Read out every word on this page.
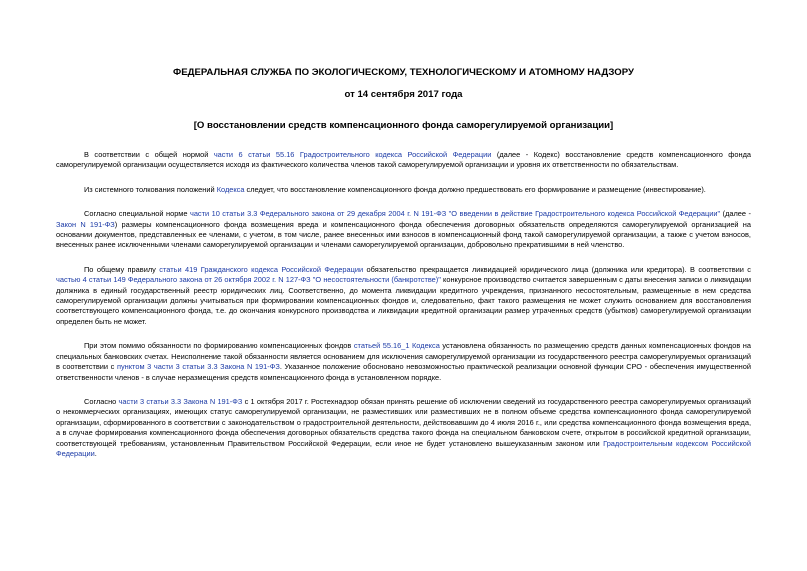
ФЕДЕРАЛЬНАЯ СЛУЖБА ПО ЭКОЛОГИЧЕСКОМУ, ТЕХНОЛОГИЧЕСКОМУ И АТОМНОМУ НАДЗОРУ

от 14 сентября 2017 года

[О восстановлении средств компенсационного фонда саморегулируемой организации]

В соответствии с общей нормой части 6 статьи 55.16 Градостроительного кодекса Российской Федерации (далее - Кодекс) восстановление средств компенсационного фонда саморегулируемой организации осуществляется исходя из фактического количества членов такой саморегулируемой организации и уровня их ответственности по обязательствам.

Из системного толкования положений Кодекса следует, что восстановление компенсационного фонда должно предшествовать его формирование и размещение (инвестирование).

Согласно специальной норме части 10 статьи 3.3 Федерального закона от 29 декабря 2004 г. N 191-ФЗ "О введении в действие Градостроительного кодекса Российской Федерации" (далее - Закон N 191-ФЗ) размеры компенсационного фонда возмещения вреда и компенсационного фонда обеспечения договорных обязательств определяются саморегулируемой организацией на основании документов, представленных ее членами, с учетом, в том числе, ранее внесенных ими взносов в компенсационный фонд такой саморегулируемой организации, а также с учетом взносов, внесенных ранее исключенными членами саморегулируемой организации и членами саморегулируемой организации, добровольно прекратившими в ней членство.

По общему правилу статьи 419 Гражданского кодекса Российской Федерации обязательство прекращается ликвидацией юридического лица (должника или кредитора). В соответствии с частью 4 статьи 149 Федерального закона от 26 октября 2002 г. N 127-ФЗ "О несостоятельности (банкротстве)" конкурсное производство считается завершенным с даты внесения записи о ликвидации должника в единый государственный реестр юридических лиц. Соответственно, до момента ликвидации кредитного учреждения, признанного несостоятельным, размещенные в нем средства саморегулируемой организации должны учитываться при формировании компенсационных фондов и, следовательно, факт такого размещения не может служить основанием для восстановления соответствующего компенсационного фонда, т.е. до окончания конкурсного производства и ликвидации кредитной организации размер утраченных средств (убытков) саморегулируемой организации определен быть не может.

При этом помимо обязанности по формированию компенсационных фондов статьей 55.16_1 Кодекса установлена обязанность по размещению средств данных компенсационных фондов на специальных банковских счетах. Неисполнение такой обязанности является основанием для исключения саморегулируемой организации из государственного реестра саморегулируемых организаций в соответствии с пунктом 3 части 3 статьи 3.3 Закона N 191-ФЗ. Указанное положение обосновано невозможностью практической реализации основной функции СРО - обеспечения имущественной ответственности членов - в случае неразмещения средств компенсационного фонда в установленном порядке.

Согласно части 3 статьи 3.3 Закона N 191-ФЗ с 1 октября 2017 г. Ростехнадзор обязан принять решение об исключении сведений из государственного реестра саморегулируемых организаций о некоммерческих организациях, имеющих статус саморегулируемой организации, не разместивших или разместивших не в полном объеме средства компенсационного фонда саморегулируемой организации, сформированного в соответствии с законодательством о градостроительной деятельности, действовавшим до 4 июля 2016 г., или средства компенсационного фонда возмещения вреда, а в случае формирования компенсационного фонда обеспечения договорных обязательств средства такого фонда на специальном банковском счете, открытом в российской кредитной организации, соответствующей требованиям, установленным Правительством Российской Федерации, если иное не будет установлено вышеуказанным законом или Градостроительным кодексом Российской Федерации.
